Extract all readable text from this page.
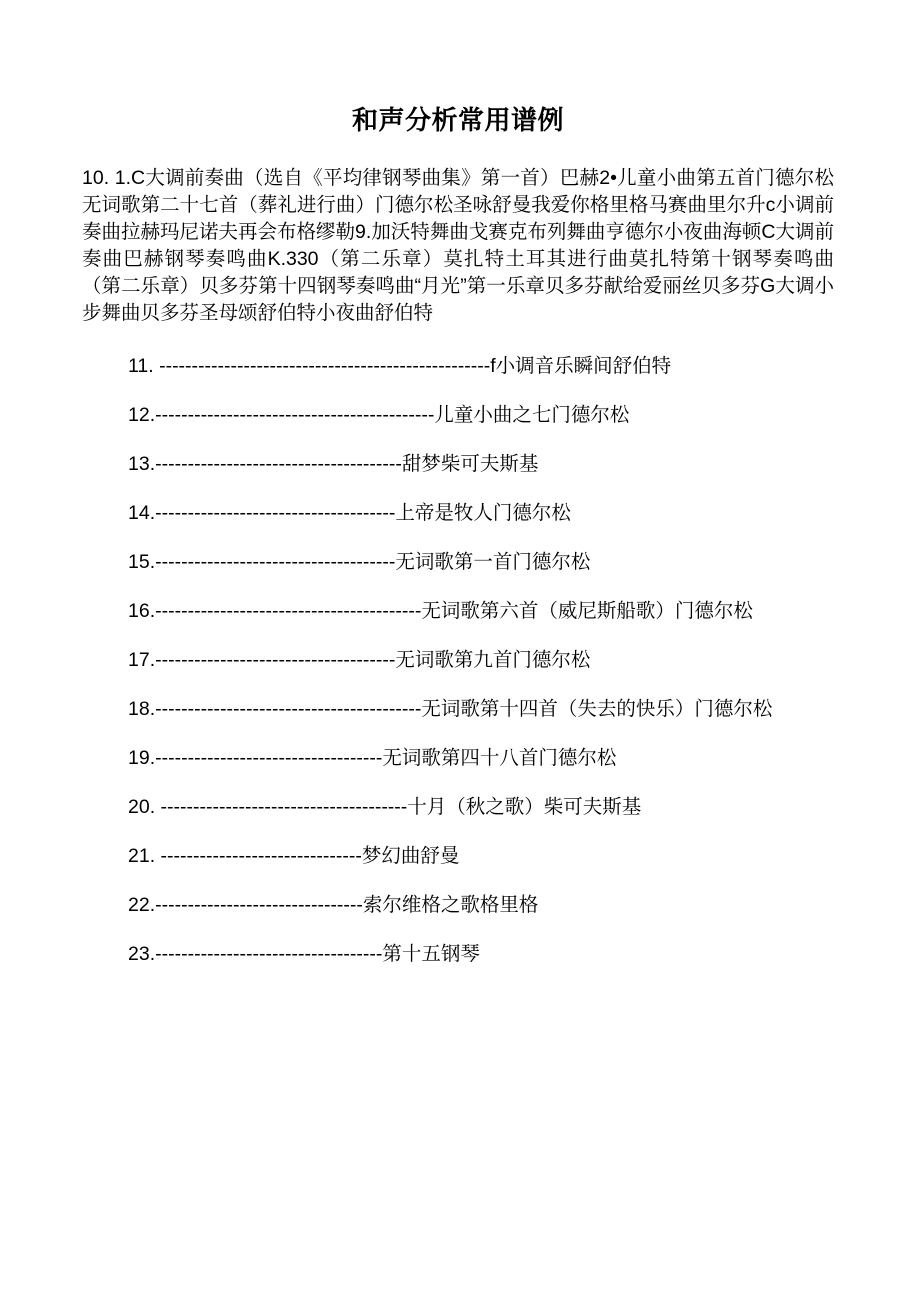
和声分析常用谱例

10. 1.C大调前奏曲（选自《平均律钢琴曲集》第一首）巴赫2•儿童小曲第五首门德尔松无词歌第二十七首（葬礼进行曲）门德尔松圣咏舒曼我爱你格里格马赛曲里尔升c小调前奏曲拉赫玛尼诺夫再会布格缪勒9.加沃特舞曲戈赛克布列舞曲亨德尔小夜曲海顿C大调前奏曲巴赫钢琴奏鸣曲K.330（第二乐章）莫扎特土耳其进行曲莫扎特第十钢琴奏鸣曲（第二乐章）贝多芬第十四钢琴奏鸣曲“月光”第一乐章贝多芬献给爱丽丝贝多芬G大调小步舞曲贝多芬圣母颂舒伯特小夜曲舒伯特

11. ---------------------------------------------------f小调音乐瞬间舒伯特
12.-------------------------------------------儿童小曲之七门德尔松
13.--------------------------------------甜梦柴可夫斯基
14.-------------------------------------上帝是牧人门德尔松
15.-------------------------------------无词歌第一首门德尔松
16.-----------------------------------------无词歌第六首（威尼斯船歌）门德尔松
17.-------------------------------------无词歌第九首门德尔松
18.-----------------------------------------无词歌第十四首（失去的快乐）门德尔松
19.-----------------------------------无词歌第四十八首门德尔松
20. --------------------------------------十月（秋之歌）柴可夫斯基
21. -------------------------------梦幻曲舒曼
22.--------------------------------索尔维格之歌格里格
23.-----------------------------------第十五钢琴
